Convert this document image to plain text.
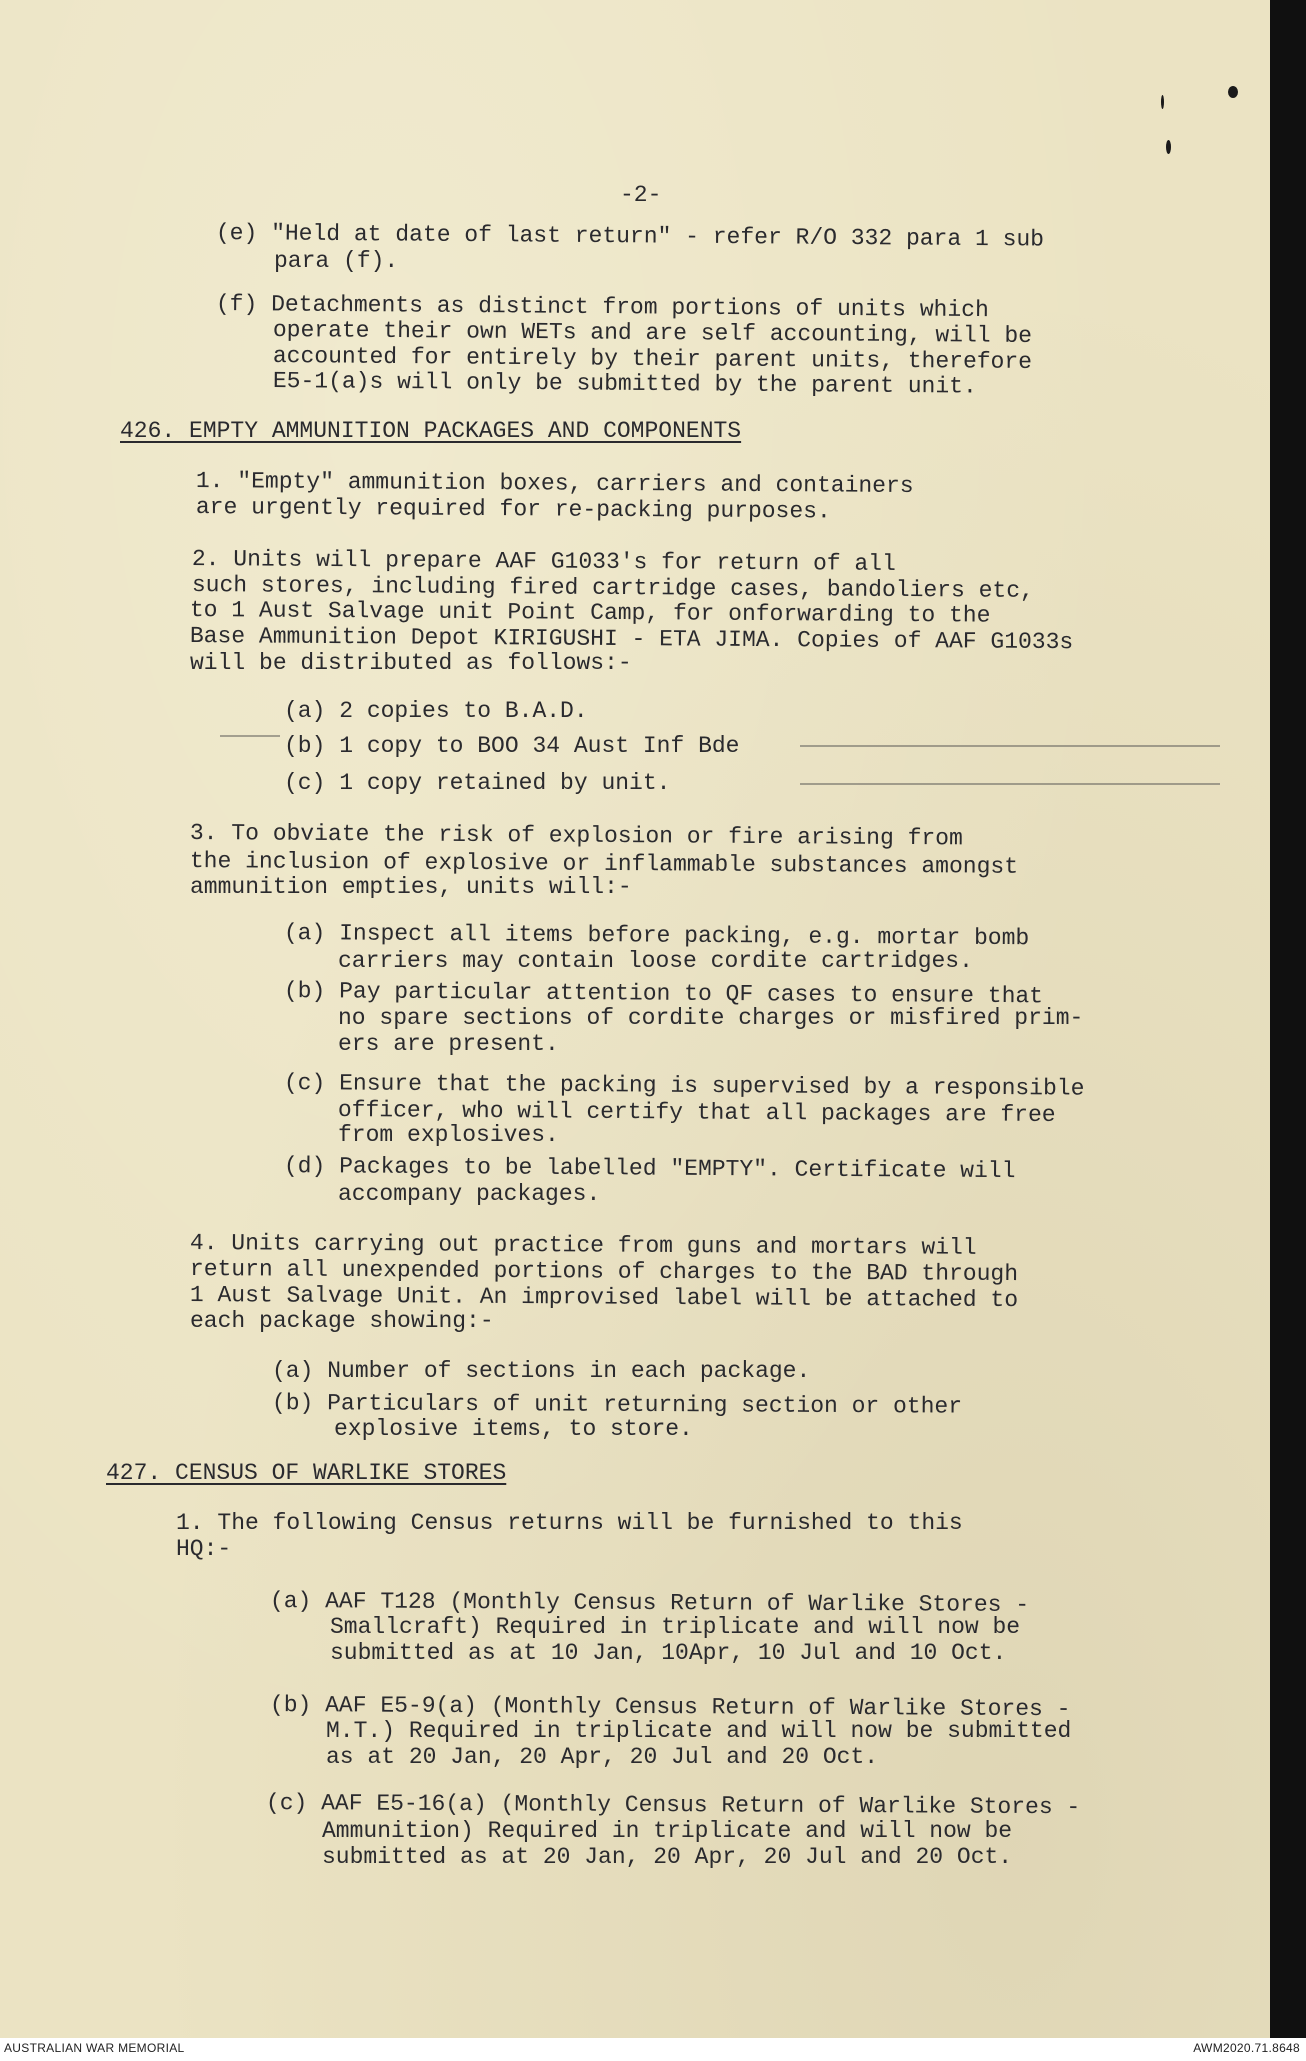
-2-
(e) "Held at date of last return" - refer R/O 332 para 1 sub
para (f).
(f) Detachments as distinct from portions of units which
operate their own WETs and are self accounting, will be
accounted for entirely by their parent units, therefore
E5-1(a)s will only be submitted by the parent unit.
426. EMPTY AMMUNITION PACKAGES AND COMPONENTS
1. "Empty" ammunition boxes, carriers and containers
are urgently required for re-packing purposes.
2. Units will prepare AAF G1033's for return of all
such stores, including fired cartridge cases, bandoliers etc,
to 1 Aust Salvage unit Point Camp, for onforwarding to the
Base Ammunition Depot KIRIGUSHI - ETA JIMA. Copies of AAF G1033s
will be distributed as follows:-
(a) 2 copies to B.A.D.
(b) 1 copy to BOO 34 Aust Inf Bde
(c) 1 copy retained by unit.
3. To obviate the risk of explosion or fire arising from
the inclusion of explosive or inflammable substances amongst
ammunition empties, units will:-
(a) Inspect all items before packing, e.g. mortar bomb
carriers may contain loose cordite cartridges.
(b) Pay particular attention to QF cases to ensure that
no spare sections of cordite charges or misfired prim-
ers are present.
(c) Ensure that the packing is supervised by a responsible
officer, who will certify that all packages are free
from explosives.
(d) Packages to be labelled "EMPTY". Certificate will
accompany packages.
4. Units carrying out practice from guns and mortars will
return all unexpended portions of charges to the BAD through
1 Aust Salvage Unit. An improvised label will be attached to
each package showing:-
(a) Number of sections in each package.
(b) Particulars of unit returning section or other
explosive items, to store.
427. CENSUS OF WARLIKE STORES
1. The following Census returns will be furnished to this
HQ:-
(a) AAF T128 (Monthly Census Return of Warlike Stores -
Smallcraft) Required in triplicate and will now be
submitted as at 10 Jan, 10Apr, 10 Jul and 10 Oct.
(b) AAF E5-9(a) (Monthly Census Return of Warlike Stores -
M.T.) Required in triplicate and will now be submitted
as at 20 Jan, 20 Apr, 20 Jul and 20 Oct.
(c) AAF E5-16(a) (Monthly Census Return of Warlike Stores -
Ammunition) Required in triplicate and will now be
submitted as at 20 Jan, 20 Apr, 20 Jul and 20 Oct.
AUSTRALIAN WAR MEMORIAL	AWM2020.71.8648
